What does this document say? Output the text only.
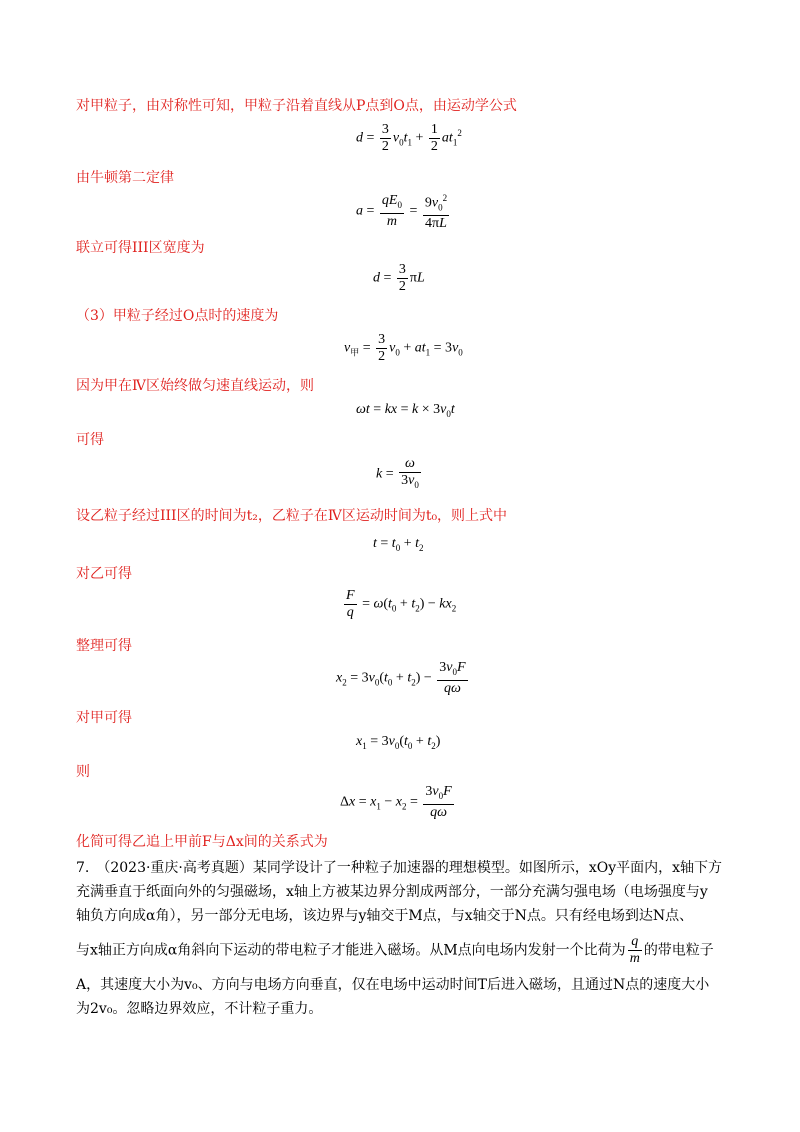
对甲粒子，由对称性可知，甲粒子沿着直线从P点到O点，由运动学公式
$d = \frac{3}{2} v_0t_1 + \frac{1}{2} at_1^2$
由牛顿第二定律
$a = \frac{qE_0}{m} = \frac{9v_0^2}{4\pi L}$
联立可得III区宽度为
$d = \frac{3}{2}$ πL
（3）甲粒子经过O点时的速度为
$v_甲 = \frac{3}{2} v_0 + at_1 = 3v_0$
因为甲在Ⅳ区始终做匀速直线运动，则
ωt = kx = $k \times 3v_0t$
可得
$k = \frac{\omega}{3v_0}$
设乙粒子经过III区的时间为t₂，乙粒子在Ⅳ区运动时间为t₀，则上式中
$t = t_0 + t_2$
对乙可得
$\frac{F}{q} = \omega(t_0 + t_2) - kx_2$
整理可得
$x_2 = 3v_0(t_0 + t_2) - \frac{3v_0F}{q\omega}$
对甲可得
$x_1 = 3v_0(t_0 + t_2)$
则
$\Delta x = x_1 - x_2 = \frac{3v_0F}{q\omega}$
化简可得乙追上甲前F与Δx间的关系式为

7.　（2023·重庆·高考真题）某同学设计了一种粒子加速器的理想模型。如图所示，xOy平面内，x轴下方

充满垂直于纸面向外的匀强磁场，x轴上方被某边界分割成两部分，一部分充满匀强电场（电场强度与y

轴负方向成α角），另一部分无电场，该边界与y轴交于M点，与x轴交于N点。只有经电场到达N点、

与x轴正方向成α角斜向下运动的带电粒子才能进入磁场。从M点向电场内发射一个比荷为 $\frac{q}{m}$ 的带电粒子

A，其速度大小为v₀、方向与电场方向垂直，仅在电场中运动时间T后进入磁场，且通过N点的速度大小

为2v₀。忽略边界效应，不计粒子重力。
